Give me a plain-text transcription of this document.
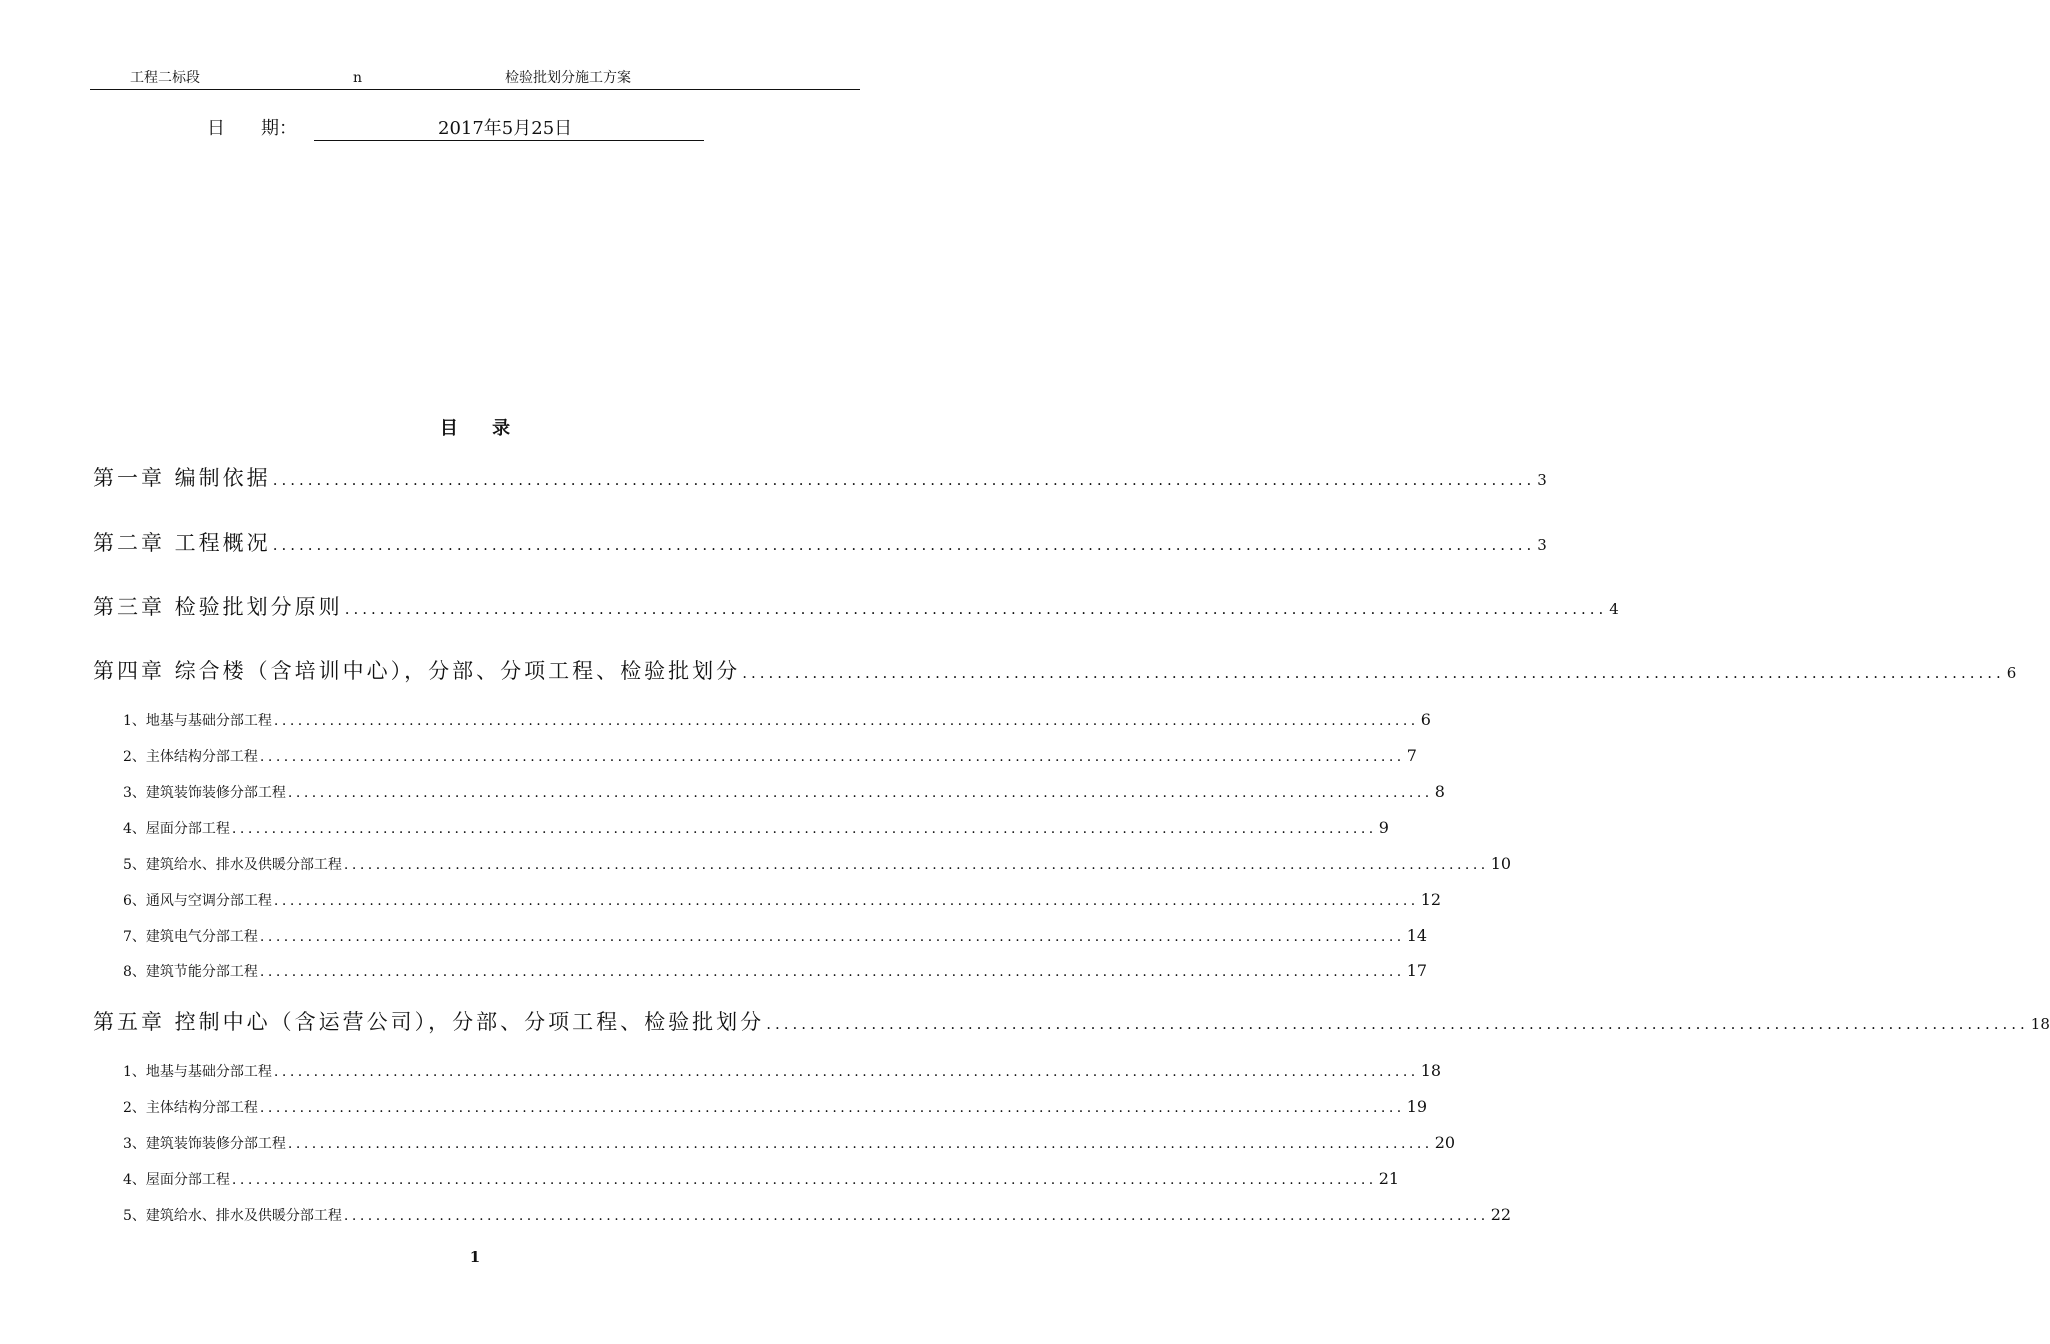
工程二标段	n	检验批划分施工方案
日　　期：	2017年5月25日
目 录
第一章 编制依据 ................................................................................................................................................ 3
第二章 工程概况 ................................................................................................................................................ 3
第三章 检验批划分原则 ................................................................................................................................................ 4
第四章 综合楼（含培训中心），分部、分项工程、检验批划分 ................................................................................................................................................ 6
1、地基与基础分部工程 ................................................................................................................................................ 6
2、主体结构分部工程 ................................................................................................................................................ 7
3、建筑装饰装修分部工程 ................................................................................................................................................ 8
4、屋面分部工程 ................................................................................................................................................ 9
5、建筑给水、排水及供暖分部工程 ................................................................................................................................................ 10
6、通风与空调分部工程 ................................................................................................................................................ 12
7、建筑电气分部工程 ................................................................................................................................................ 14
8、建筑节能分部工程 ................................................................................................................................................ 17
第五章 控制中心（含运营公司），分部、分项工程、检验批划分 ................................................................................................................................................ 18
1、地基与基础分部工程 ................................................................................................................................................ 18
2、主体结构分部工程 ................................................................................................................................................ 19
3、建筑装饰装修分部工程 ................................................................................................................................................ 20
4、屋面分部工程 ................................................................................................................................................ 21
5、建筑给水、排水及供暖分部工程 ................................................................................................................................................ 22
1
